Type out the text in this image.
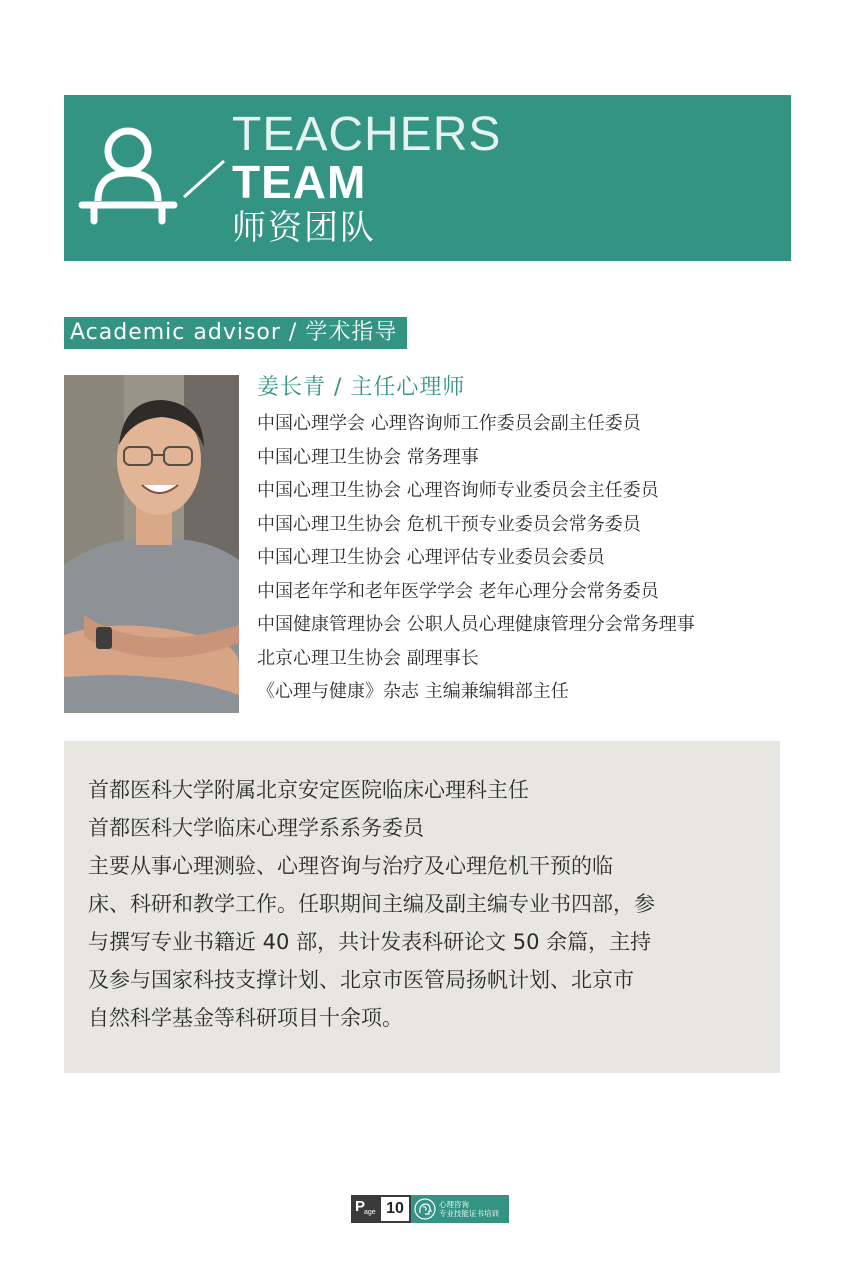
TEACHERS
TEAM
师资团队
Academic advisor / 学术指导
姜长青 / 主任心理师
中国心理学会 心理咨询师工作委员会副主任委员
中国心理卫生协会 常务理事
中国心理卫生协会 心理咨询师专业委员会主任委员
中国心理卫生协会 危机干预专业委员会常务委员
中国心理卫生协会 心理评估专业委员会委员
中国老年学和老年医学学会 老年心理分会常务委员
中国健康管理协会 公职人员心理健康管理分会常务理事
北京心理卫生协会 副理事长
《心理与健康》杂志 主编兼编辑部主任
首都医科大学附属北京安定医院临床心理科主任
首都医科大学临床心理学系系务委员
主要从事心理测验、心理咨询与治疗及心理危机干预的临
床、科研和教学工作。任职期间主编及副主编专业书四部，参
与撰写专业书籍近 40 部，共计发表科研论文 50 余篇，主持
及参与国家科技支撑计划、北京市医管局扬帆计划、北京市
自然科学基金等科研项目十余项。
P
age 10	心理咨询
专业技能证书培训
